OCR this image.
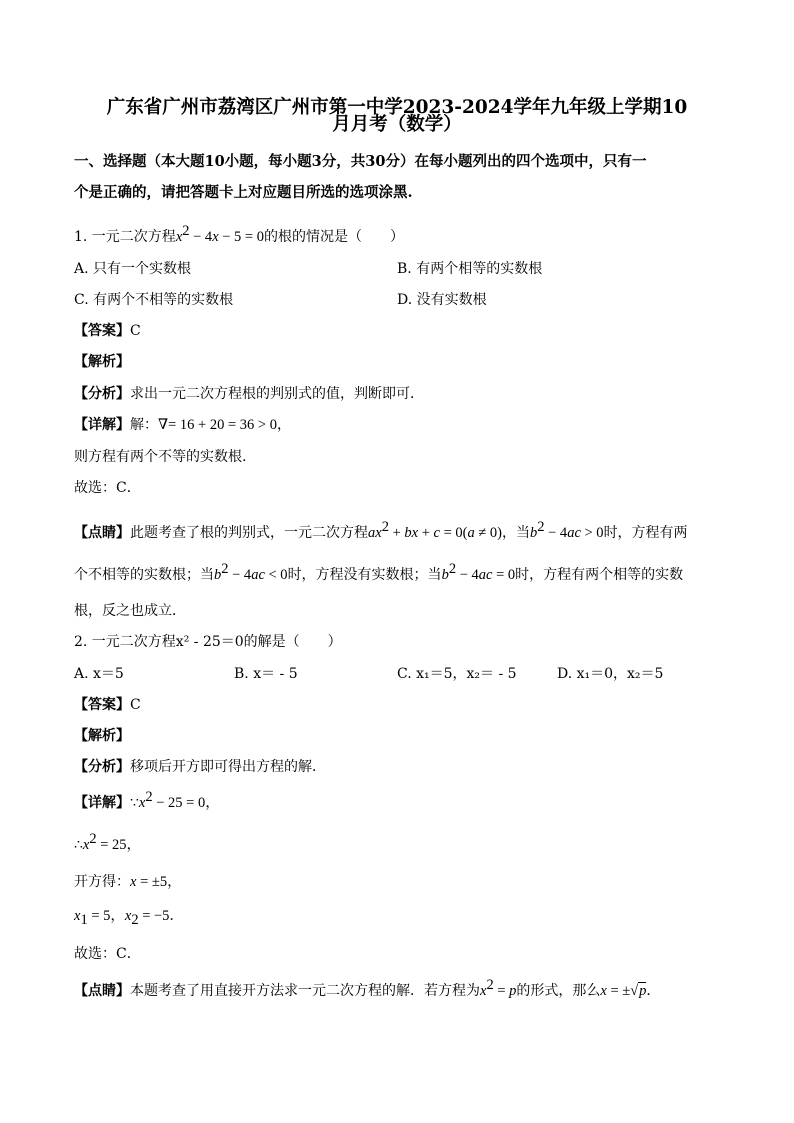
广东省广州市荔湾区广州市第一中学2023-2024学年九年级上学期10
月月考（数学）
一、选择题（本大题10小题，每小题3分，共30分）在每小题列出的四个选项中，只有一
个是正确的，请把答题卡上对应题目所选的选项涂黑.
1. 一元二次方程$x^2 - 4x - 5 = 0$的根的情况是（　　）
A. 只有一个实数根	B. 有两个相等的实数根
C. 有两个不相等的实数根	D. 没有实数根
【答案】C
【解析】
【分析】求出一元二次方程根的判别式的值，判断即可．
【详解】解：∇= 16 + 20 = 36 > 0，
则方程有两个不等的实数根.
故选：C．
【点睛】此题考查了根的判别式，一元二次方程$ax^2$ + bx + c = 0(a ≠ 0)，当$b^2 - 4ac > 0$时，方程有两
个不相等的实数根；当$b^2 - 4ac < 0$时，方程没有实数根；当$b^2 - 4ac = 0$时，方程有两个相等的实数
根，反之也成立．
2. 一元二次方程x² - 25＝0的解是（　　）
A. x＝5	B. x＝ - 5	C. x₁＝5，x₂＝ - 5	D. x₁＝0，x₂＝5
【答案】C
【解析】
【分析】移项后开方即可得出方程的解．
【详解】$\because x^2 - 25 = 0$，
$\therefore x^2 = 25$，
开方得：x = ±5，
$x_1 = 5$，$x_2 = -5$．
故选：C．
【点睛】本题考查了用直接开方法求一元二次方程的解．若方程为$x^2 = p$的形式，那么x = ±√p．
